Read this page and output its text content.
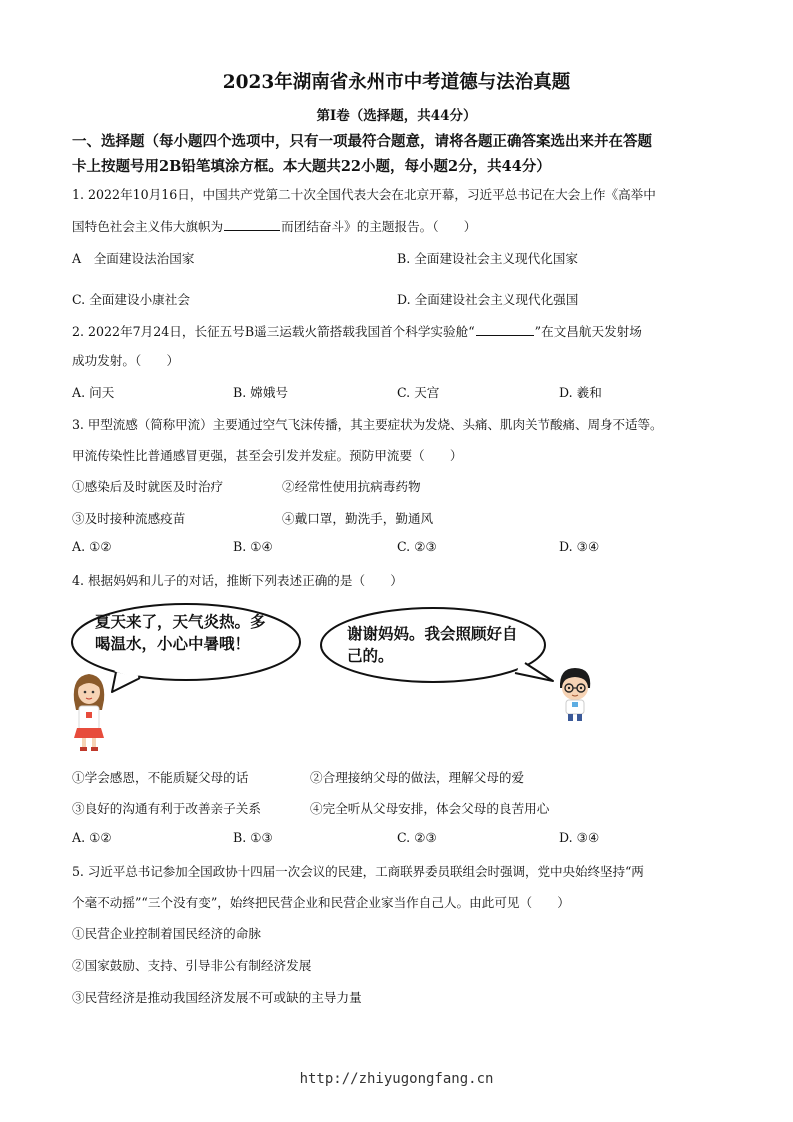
2023年湖南省永州市中考道德与法治真题
第I卷（选择题，共44分）
一、选择题（每小题四个选项中，只有一项最符合题意，请将各题正确答案选出来并在答题
卡上按题号用2B铅笔填涂方框。本大题共22小题，每小题2分，共44分）
1. 2022年10月16日，中国共产党第二十次全国代表大会在北京开幕，习近平总书记在大会上作《高举中
国特色社会主义伟大旗帜为	而团结奋斗》的主题报告。（　　）
A　全面建设法治国家	B. 全面建设社会主义现代化国家
C. 全面建设小康社会	D. 全面建设社会主义现代化强国
2. 2022年7月24日，长征五号B遥三运载火箭搭载我国首个科学实验舱“	”在文昌航天发射场
成功发射。（　　）
A. 问天	B. 嫦娥号	C. 天宫	D. 羲和
3. 甲型流感（简称甲流）主要通过空气飞沫传播，其主要症状为发烧、头痛、肌肉关节酸痛、周身不适等。
甲流传染性比普通感冒更强，甚至会引发并发症。预防甲流要（　　）
①感染后及时就医及时治疗	②经常性使用抗病毒药物
③及时接种流感疫苗	④戴口罩，勤洗手，勤通风
A. ①②	B. ①④	C. ②③	D. ③④
4. 根据妈妈和儿子的对话，推断下列表述正确的是（　　）
夏天来了，天气炎热。多喝温水，小心中暑哦！
谢谢妈妈。我会照顾好自己的。
①学会感恩，不能质疑父母的话	②合理接纳父母的做法，理解父母的爱
③良好的沟通有利于改善亲子关系	④完全听从父母安排，体会父母的良苦用心
A. ①②	B. ①③	C. ②③	D. ③④
5. 习近平总书记参加全国政协十四届一次会议的民建，工商联界委员联组会时强调，党中央始终坚持“两
个毫不动摇”“三个没有变”，始终把民营企业和民营企业家当作自己人。由此可见（　　）
①民营企业控制着国民经济的命脉
②国家鼓励、支持、引导非公有制经济发展
③民营经济是推动我国经济发展不可或缺的主导力量
http://zhiyugongfang.cn
